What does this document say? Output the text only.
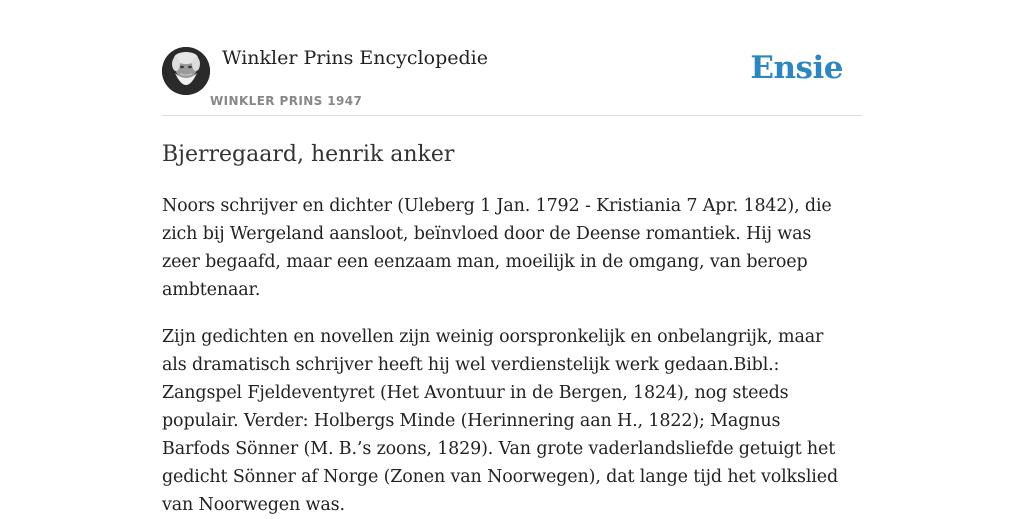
Winkler Prins Encyclopedie
WINKLER PRINS 1947
Ensie
Bjerregaard, henrik anker

Noors schrijver en dichter (Uleberg 1 Jan. 1792 - Kristiania 7 Apr. 1842), die zich bij Wergeland aansloot, beïnvloed door de Deense romantiek. Hij was zeer begaafd, maar een eenzaam man, moeilijk in de omgang, van beroep ambtenaar.

Zijn gedichten en novellen zijn weinig oorspronkelijk en onbelangrijk, maar als dramatisch schrijver heeft hij wel verdienstelijk werk gedaan.Bibl.: Zangspel Fjeldeventyret (Het Avontuur in de Bergen, 1824), nog steeds populair. Verder: Holbergs Minde (Herinnering aan H., 1822); Magnus Barfods Sönner (M. B.’s zoons, 1829). Van grote vaderlandsliefde getuigt het gedicht Sönner af Norge (Zonen van Noorwegen), dat lange tijd het volkslied van Noorwegen was.
